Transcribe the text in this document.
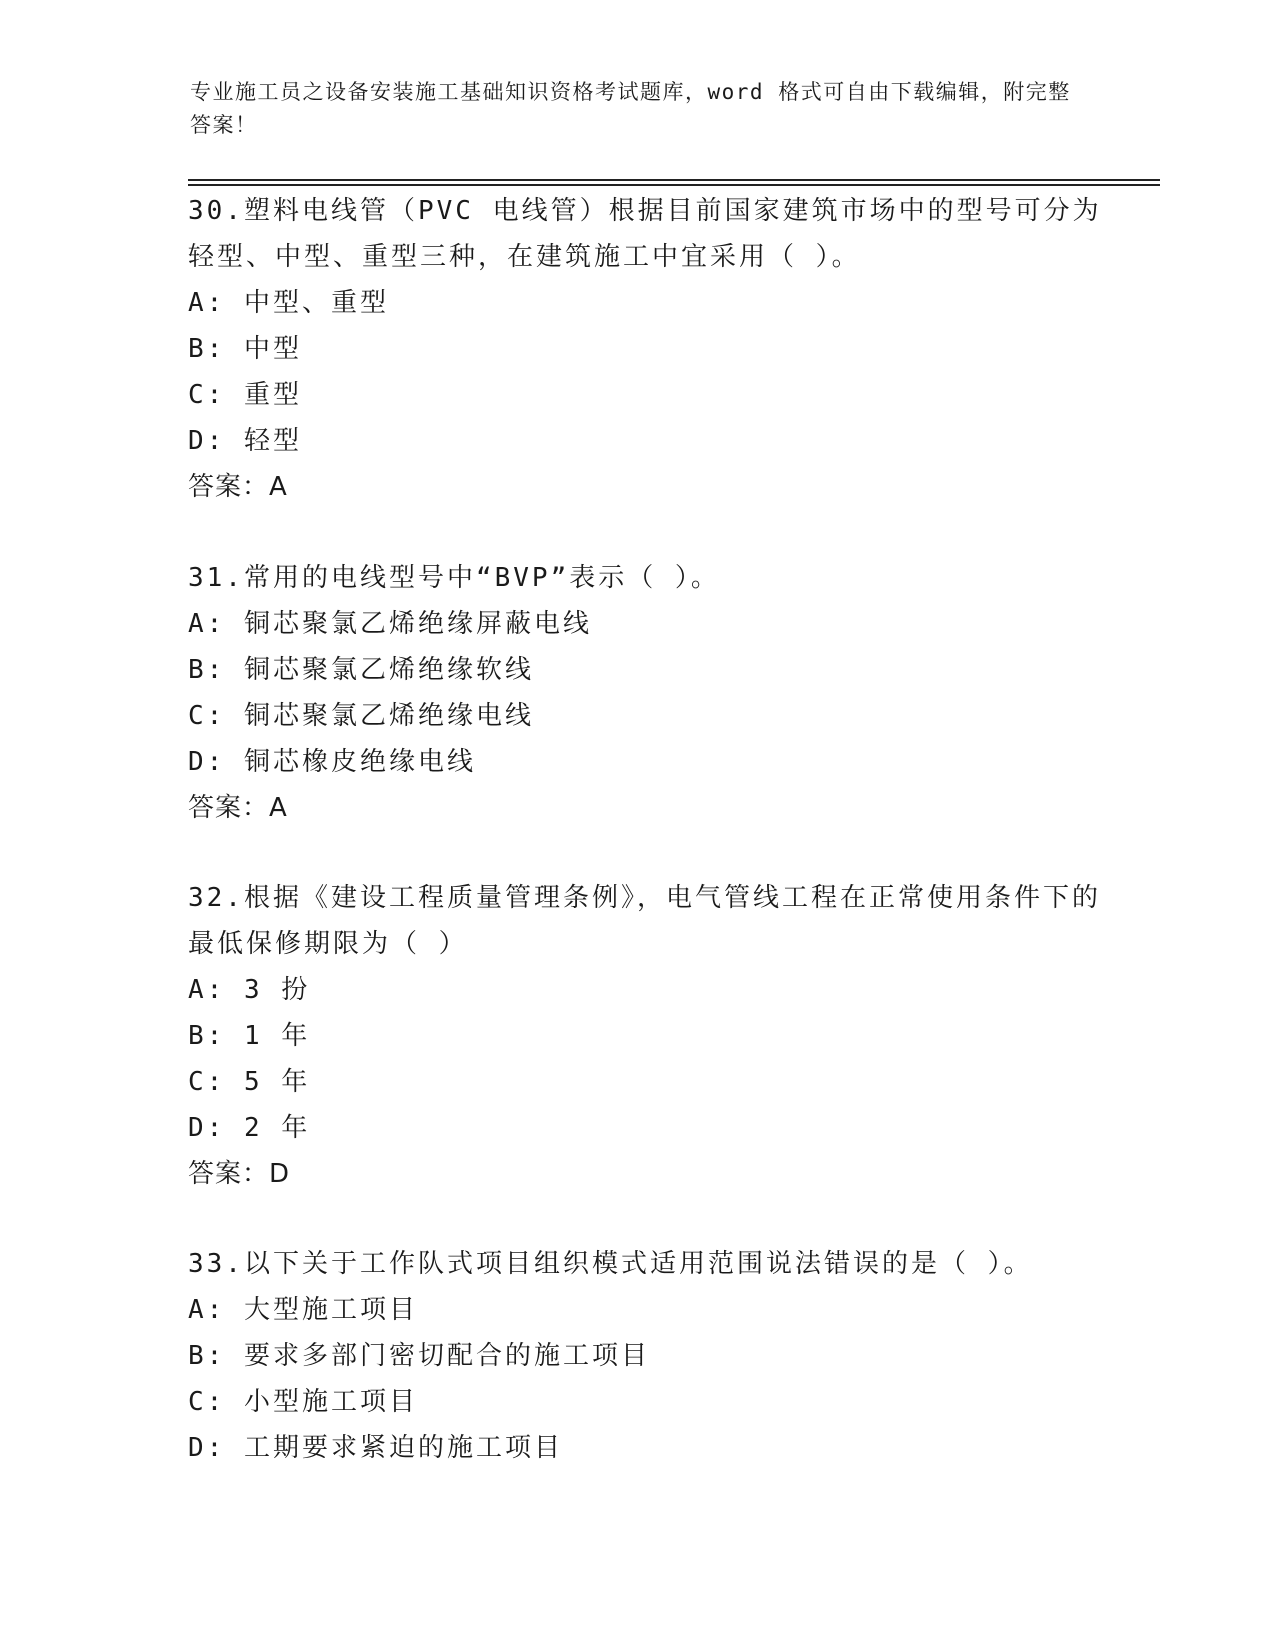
专业施工员之设备安装施工基础知识资格考试题库，word 格式可自由下载编辑，附完整答案！
30.塑料电线管（PVC 电线管）根据目前国家建筑市场中的型号可分为轻型、中型、重型三种，在建筑施工中宜采用（ ）。
A: 中型、重型
B: 中型
C: 重型
D: 轻型
答案：A
31.常用的电线型号中“BVP”表示（ ）。
A: 铜芯聚氯乙烯绝缘屏蔽电线
B: 铜芯聚氯乙烯绝缘软线
C: 铜芯聚氯乙烯绝缘电线
D: 铜芯橡皮绝缘电线
答案：A
32.根据《建设工程质量管理条例》，电气管线工程在正常使用条件下的最低保修期限为（ ）
A: 3 扮
B: 1 年
C: 5 年
D: 2 年
答案：D
33.以下关于工作队式项目组织模式适用范围说法错误的是（ ）。
A: 大型施工项目
B: 要求多部门密切配合的施工项目
C: 小型施工项目
D: 工期要求紧迫的施工项目
